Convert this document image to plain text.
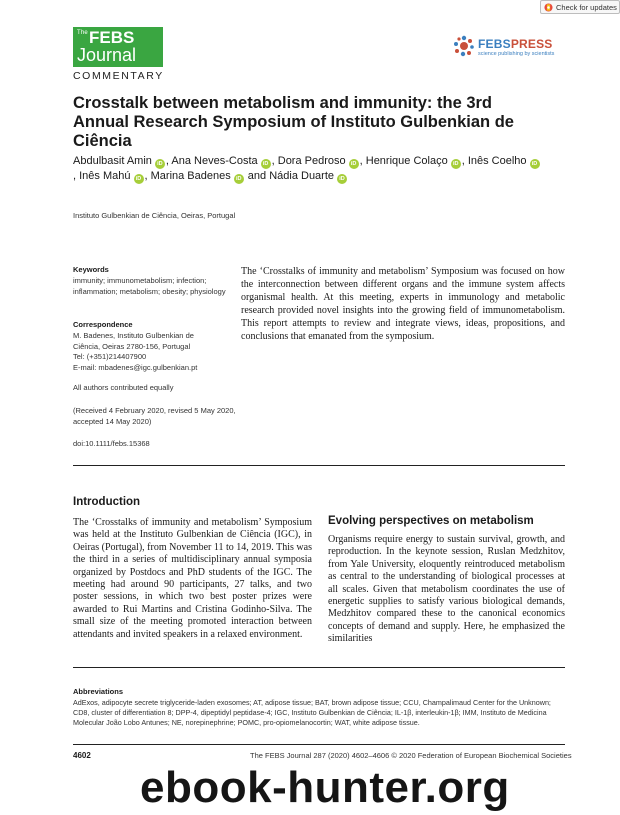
Check for updates
The FEBS
Journal
FEBSPRESS
science publishing by scientists
COMMENTARY
Crosstalk between metabolism and immunity: the 3rd Annual Research Symposium of Instituto Gulbenkian de Ciência
Abdulbasit Amin iD , Ana Neves-Costa iD , Dora Pedroso iD , Henrique Colaço iD , Inês Coelho iD, Inês Mahú iD , Marina Badenes iD and Nádia Duarte iD
Instituto Gulbenkian de Ciência, Oeiras, Portugal
Keywords
immunity; immunometabolism; infection; inflammation; metabolism; obesity; physiology
Correspondence
M. Badenes, Instituto Gulbenkian de
Ciência, Oeiras 2780-156, Portugal
Tel: (+351)214407900
E-mail: mbadenes@igc.gulbenkian.pt
All authors contributed equally
(Received 4 February 2020, revised 5 May 2020, accepted 14 May 2020)
doi:10.1111/febs.15368

The ‘Crosstalks of immunity and metabolism’ Symposium was focused on how the interconnection between different organs and the immune system affects organismal health. At this meeting, experts in immunology and metabolic research provided novel insights into the growing field of immunometabolism. This report attempts to review and integrate views, ideas, propositions, and conclusions that emanated from the symposium.

Introduction

The ‘Crosstalks of immunity and metabolism’ Symposium was held at the Instituto Gulbenkian de Ciência (IGC), in Oeiras (Portugal), from November 11 to 14, 2019. This was the third in a series of multidisciplinary annual symposia organized by Postdocs and PhD students of the IGC. The meeting had around 90 participants, 27 talks, and two poster sessions, in which two best poster prizes were awarded to Rui Martins and Cristina Godinho-Silva. The small size of the meeting promoted interaction between attendants and invited speakers in a relaxed environment.

Evolving perspectives on metabolism

Organisms require energy to sustain survival, growth, and reproduction. In the keynote session, Ruslan Medzhitov, from Yale University, eloquently reintroduced metabolism as central to the understanding of biological processes at all scales. Given that metabolism coordinates the use of energetic supplies to satisfy various biological demands, Medzhitov compared these to the canonical economics concepts of demand and supply. Here, he emphasized the similarities

Abbreviations

AdExos, adipocyte secrete triglyceride-laden exosomes; AT, adipose tissue; BAT, brown adipose tissue; CCU, Champalimaud Center for the Unknown; CD8, cluster of differentiation 8; DPP-4, dipeptidyl peptidase-4; IGC, Instituto Gulbenkian de Ciência; IL-1β, interleukin-1β; IMM, Instituto de Medicina Molecular João Lobo Antunes; NE, norepinephrine; POMC, pro-opiomelanocortin; WAT, white adipose tissue.

4602	The FEBS Journal 287 (2020) 4602–4606 © 2020 Federation of European Biochemical Societies
ebook-hunter.org
